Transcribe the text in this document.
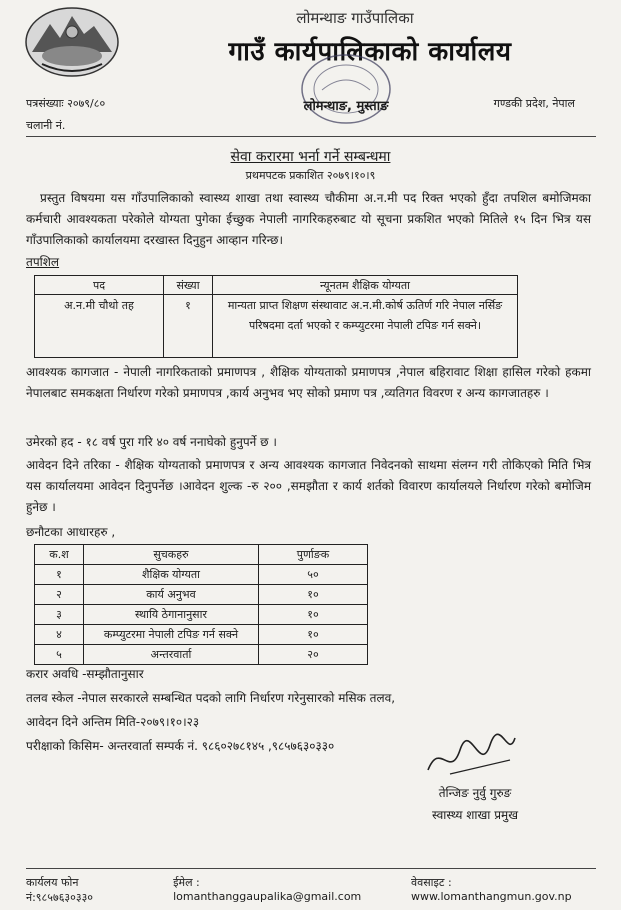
लोमन्थाङ गाउँपालिका
गाउँ कार्यपालिकाको कार्यालय
लोमन्थाङ, मुस्ताङ
पत्रसंख्याः २०७९/८०	गण्डकी प्रदेश, नेपाल
चलानी नं.
सेवा करारमा भर्ना गर्ने सम्बन्धमा
प्रथमपटक प्रकाशित २०७९।१०।९
प्रस्तुत विषयमा यस गाँउपालिकाको स्वास्थ्य शाखा तथा स्वास्थ्य चौकीमा अ.न.मी पद रिक्त भएको हुँदा तपशिल बमोजिमका कर्मचारी आवश्यकता परेकोले योग्यता पुगेका ईच्छुक नेपाली नागरिकहरुबाट यो सूचना प्रकशित भएको मितिले १५ दिन भित्र यस गाँउपालिकाको कार्यालयमा दरखास्त दिनुहुन आव्हान गरिन्छ।
तपशिल
पद	संख्या	न्यूनतम शैक्षिक योग्यता
अ.न.मी चौथो तह	१	मान्यता प्राप्त शिक्षण संस्थावाट अ.न.मी.कोर्ष ऊतिर्ण गरि नेपाल नर्सिङ परिषदमा दर्ता भएको र कम्प्युटरमा नेपाली टपिङ गर्न सक्ने।
आवश्यक कागजात - नेपाली नागरिकताको प्रमाणपत्र , शैक्षिक योग्यताको प्रमाणपत्र ,नेपाल बहिरावाट शिक्षा हासिल गरेको हकमा नेपालबाट समकक्षता निर्धारण गरेको प्रमाणपत्र ,कार्य अनुभव भए सोको प्रमाण पत्र ,व्यतिगत विवरण र अन्य कागजातहरु ।
उमेरको हद - १८ वर्ष पुरा गरि ४० वर्ष ननाघेको हुनुपर्ने छ ।
आवेदन दिने तरिका - शैक्षिक योग्यताको प्रमाणपत्र र अन्य आवश्यक कागजात निवेदनको साथमा संलग्न गरी तोकिएको मिति भित्र यस कार्यालयमा आवेदन दिनुपर्नेछ ।आवेदन शुल्क -रु २०० ,समझौता र कार्य शर्तको विवारण कार्यालयले निर्धारण गरेको बमोजिम हुनेछ ।
छनौटका आधारहरु ,
क.श	सुचकहरु	पुर्णाङक
१	शैक्षिक योग्यता	५०
२	कार्य अनुभव	१०
३	स्थायि ठेगानानुसार	१०
४	कम्प्युटरमा नेपाली टपिङ गर्न सक्ने	१०
५	अन्तरवार्ता	२०
करार अवधि -सम्झौतानुसार
तलव स्केल -नेपाल सरकारले सम्बन्धित पदको लागि निर्धारण गरेनुसारको मसिक तलव,
आवेदन दिने अन्तिम मिति-२०७९।१०।२३
परीक्षाको किसिम- अन्तरवार्ता सम्पर्क नं. ९८६०२७८१४५ ,९८५७६३०३३०
तेन्जिङ नुर्वु गुरुङ
स्वास्थ्य शाखा प्रमुख
कार्यलय फोन नं:९८५७६३०३३०
ईमेल : lomanthanggaupalika@gmail.com
वेवसाइट : www.lomanthangmun.gov.np
